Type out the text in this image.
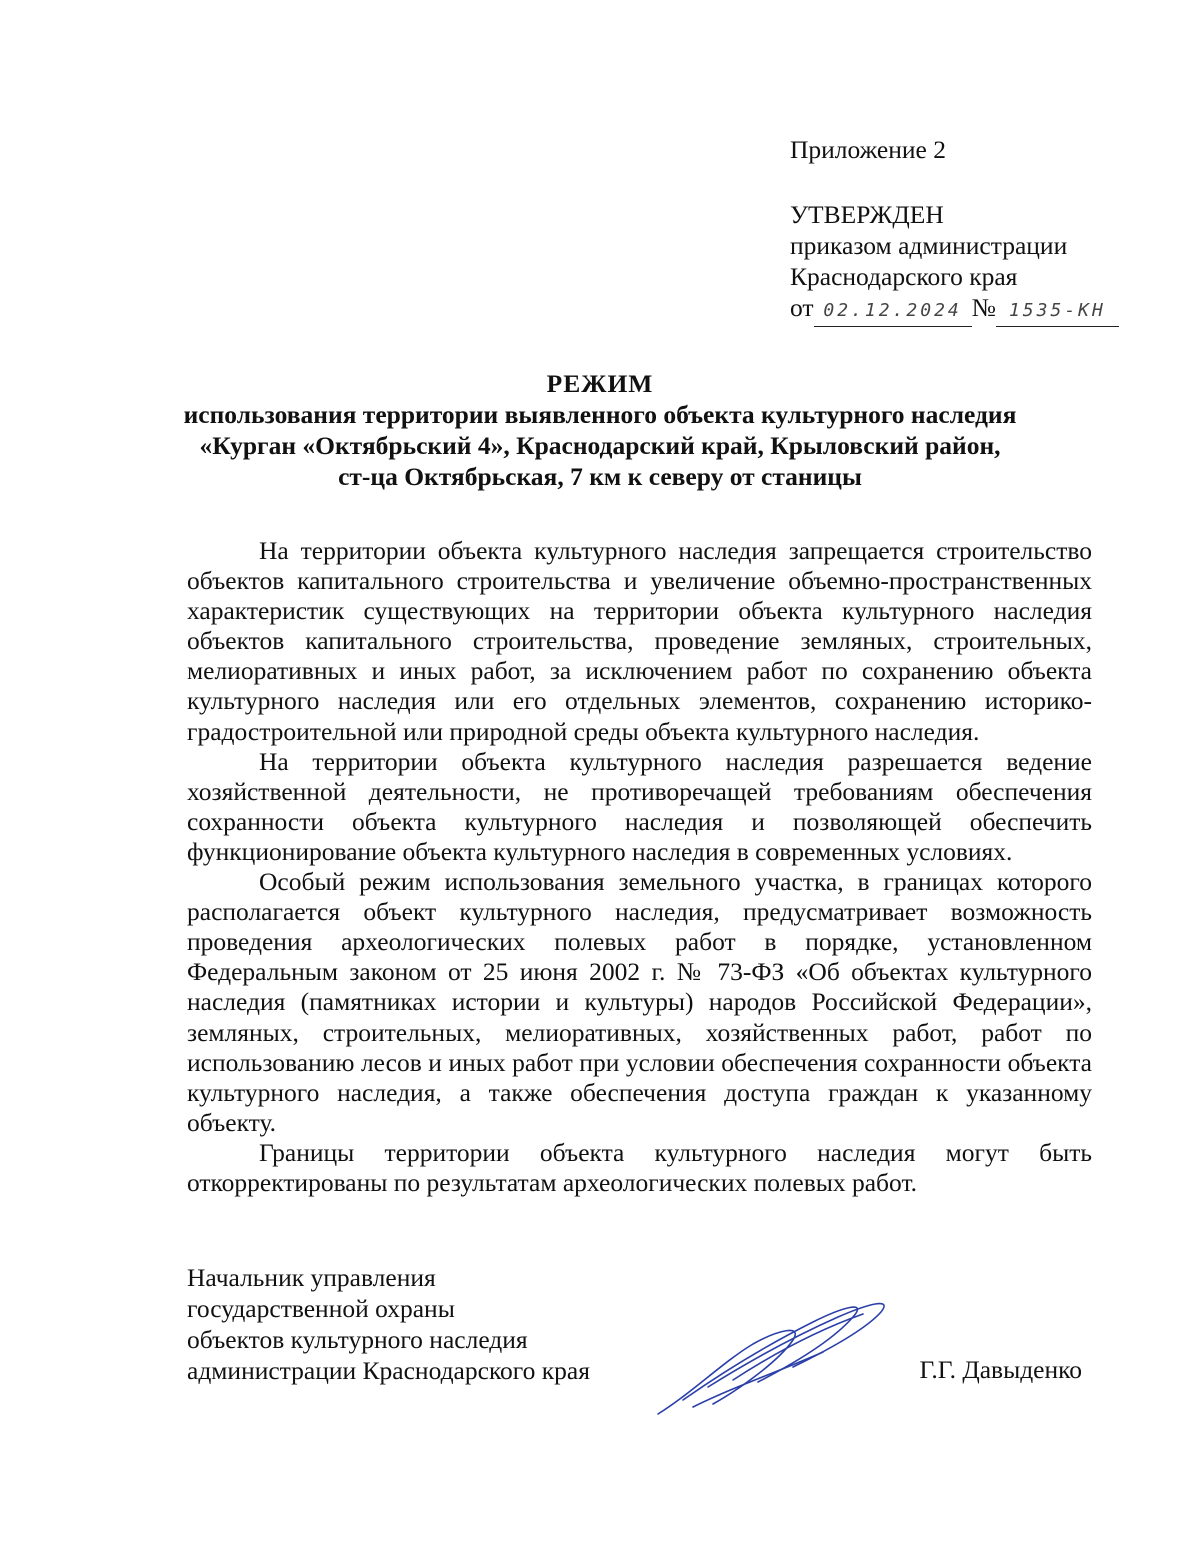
Приложение 2
УТВЕРЖДЕН
приказом администрации
Краснодарского края
от 02.12.2024 № 1535-КН
РЕЖИМ
использования территории выявленного объекта культурного наследия
«Курган «Октябрьский 4», Краснодарский край, Крыловский район,
ст-ца Октябрьская, 7 км к северу от станицы

На территории объекта культурного наследия запрещается строительство объектов капитального строительства и увеличение объемно-пространственных характеристик существующих на территории объекта культурного наследия объектов капитального строительства, проведение земляных, строительных, мелиоративных и иных работ, за исключением работ по сохранению объекта культурного наследия или его отдельных элементов, сохранению историко-градостроительной или природной среды объекта культурного наследия.

На территории объекта культурного наследия разрешается ведение хозяйственной деятельности, не противоречащей требованиям обеспечения сохранности объекта культурного наследия и позволяющей обеспечить функционирование объекта культурного наследия в современных условиях.

Особый режим использования земельного участка, в границах которого располагается объект культурного наследия, предусматривает возможность проведения археологических полевых работ в порядке, установленном Федеральным законом от 25 июня 2002 г. № 73-ФЗ «Об объектах культурного наследия (памятниках истории и культуры) народов Российской Федерации», земляных, строительных, мелиоративных, хозяйственных работ, работ по использованию лесов и иных работ при условии обеспечения сохранности объекта культурного наследия, а также обеспечения доступа граждан к указанному объекту.

Границы территории объекта культурного наследия могут быть откорректированы по результатам археологических полевых работ.

Начальник управления
государственной охраны
объектов культурного наследия
администрации Краснодарского края	Г.Г. Давыденко
